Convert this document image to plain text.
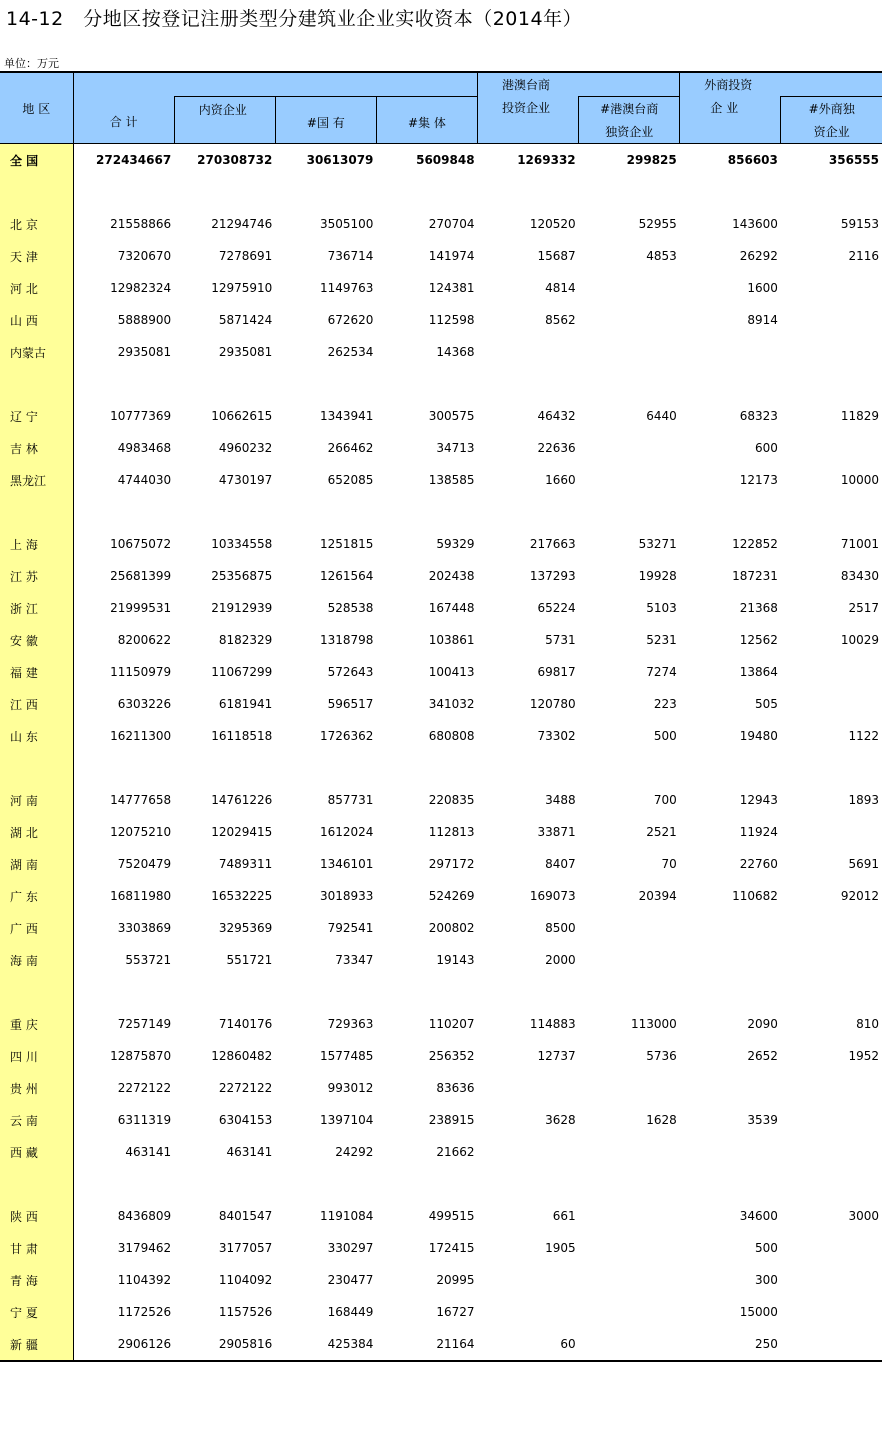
14-12　分地区按登记注册类型分建筑业企业实收资本（2014年）
单位：万元
地 区	合 计				港澳台商		外商投资	
		内资企业	#国 有	#集 体	投资企业	#港澳台商	企 业	#外商独
						独资企业		资企业
全 国	272434667	270308732	30613079	5609848	1269332	299825	856603	356555

北 京	21558866	21294746	3505100	270704	120520	52955	143600	59153
天 津	7320670	7278691	736714	141974	15687	4853	26292	2116
河 北	12982324	12975910	1149763	124381	4814		1600	
山 西	5888900	5871424	672620	112598	8562		8914	
内蒙古	2935081	2935081	262534	14368				

辽 宁	10777369	10662615	1343941	300575	46432	6440	68323	11829
吉 林	4983468	4960232	266462	34713	22636		600	
黑龙江	4744030	4730197	652085	138585	1660		12173	10000

上 海	10675072	10334558	1251815	59329	217663	53271	122852	71001
江 苏	25681399	25356875	1261564	202438	137293	19928	187231	83430
浙 江	21999531	21912939	528538	167448	65224	5103	21368	2517
安 徽	8200622	8182329	1318798	103861	5731	5231	12562	10029
福 建	11150979	11067299	572643	100413	69817	7274	13864	
江 西	6303226	6181941	596517	341032	120780	223	505	
山 东	16211300	16118518	1726362	680808	73302	500	19480	1122

河 南	14777658	14761226	857731	220835	3488	700	12943	1893
湖 北	12075210	12029415	1612024	112813	33871	2521	11924	
湖 南	7520479	7489311	1346101	297172	8407	70	22760	5691
广 东	16811980	16532225	3018933	524269	169073	20394	110682	92012
广 西	3303869	3295369	792541	200802	8500			
海 南	553721	551721	73347	19143	2000			

重 庆	7257149	7140176	729363	110207	114883	113000	2090	810
四 川	12875870	12860482	1577485	256352	12737	5736	2652	1952
贵 州	2272122	2272122	993012	83636				
云 南	6311319	6304153	1397104	238915	3628	1628	3539	
西 藏	463141	463141	24292	21662				

陕 西	8436809	8401547	1191084	499515	661		34600	3000
甘 肃	3179462	3177057	330297	172415	1905		500	
青 海	1104392	1104092	230477	20995			300	
宁 夏	1172526	1157526	168449	16727			15000	
新 疆	2906126	2905816	425384	21164	60		250	
